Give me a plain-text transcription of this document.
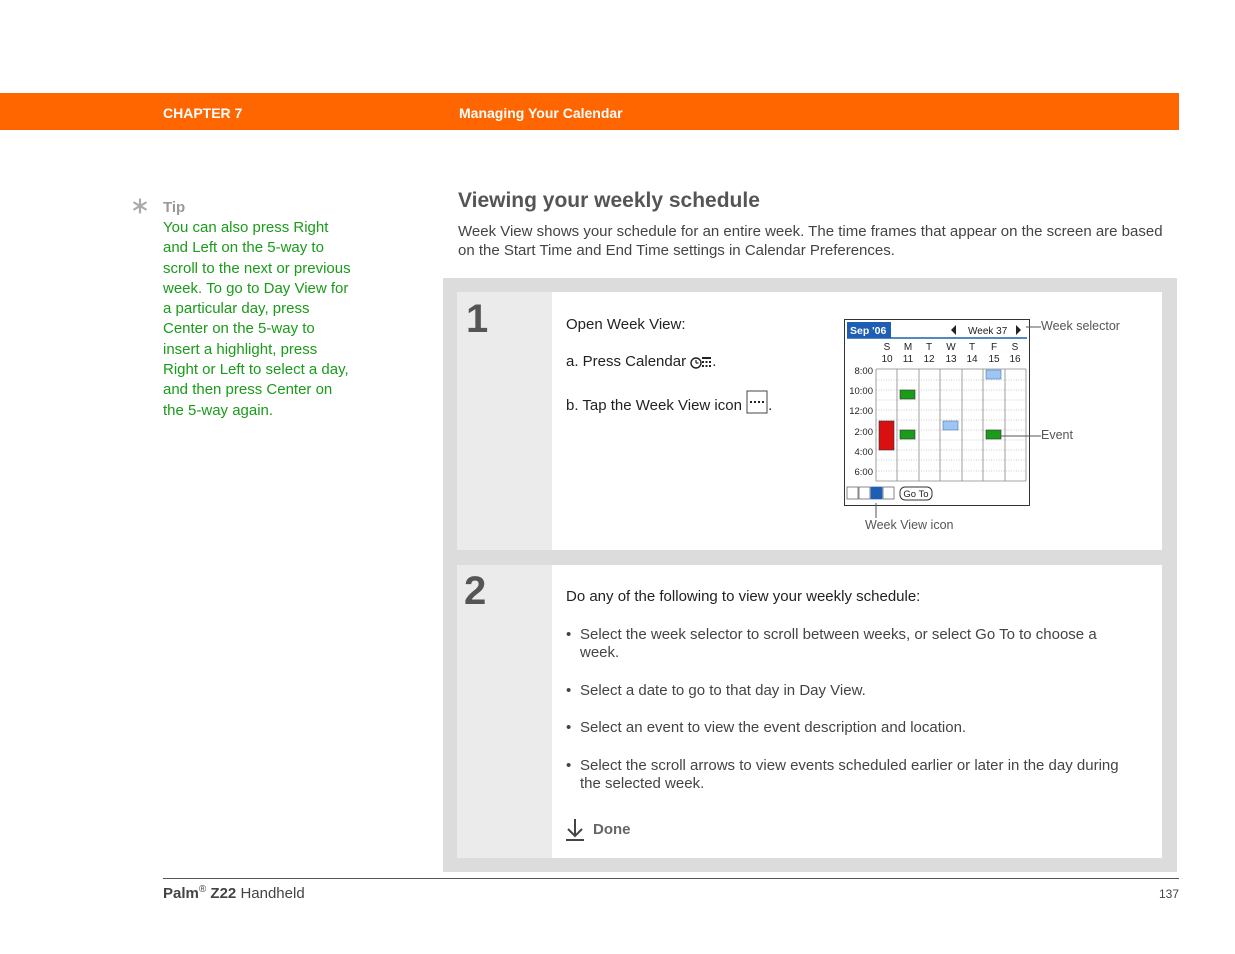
CHAPTER 7	Managing Your Calendar
Tip
You can also press Right and Left on the 5-way to scroll to the next or previous week. To go to Day View for a particular day, press Center on the 5-way to insert a highlight, press Right or Left to select a day, and then press Center on the 5-way again.
Viewing your weekly schedule
Week View shows your schedule for an entire week. The time frames that appear on the screen are based on the Start Time and End Time settings in Calendar Preferences.
1	Open Week View:
a. Press Calendar .
b. Tap the Week View icon .
Sep '06	Week 37
S M T W T F S
10 11 12 13 14 15 16
8:00
10:00
12:00
2:00
4:00
6:00
Go To
Week selector
Event
Week View icon
2	Do any of the following to view your weekly schedule:
• Select the week selector to scroll between weeks, or select Go To to choose a week.
• Select a date to go to that day in Day View.
• Select an event to view the event description and location.
• Select the scroll arrows to view events scheduled earlier or later in the day during the selected week.
Done
Palm® Z22 Handheld	137
